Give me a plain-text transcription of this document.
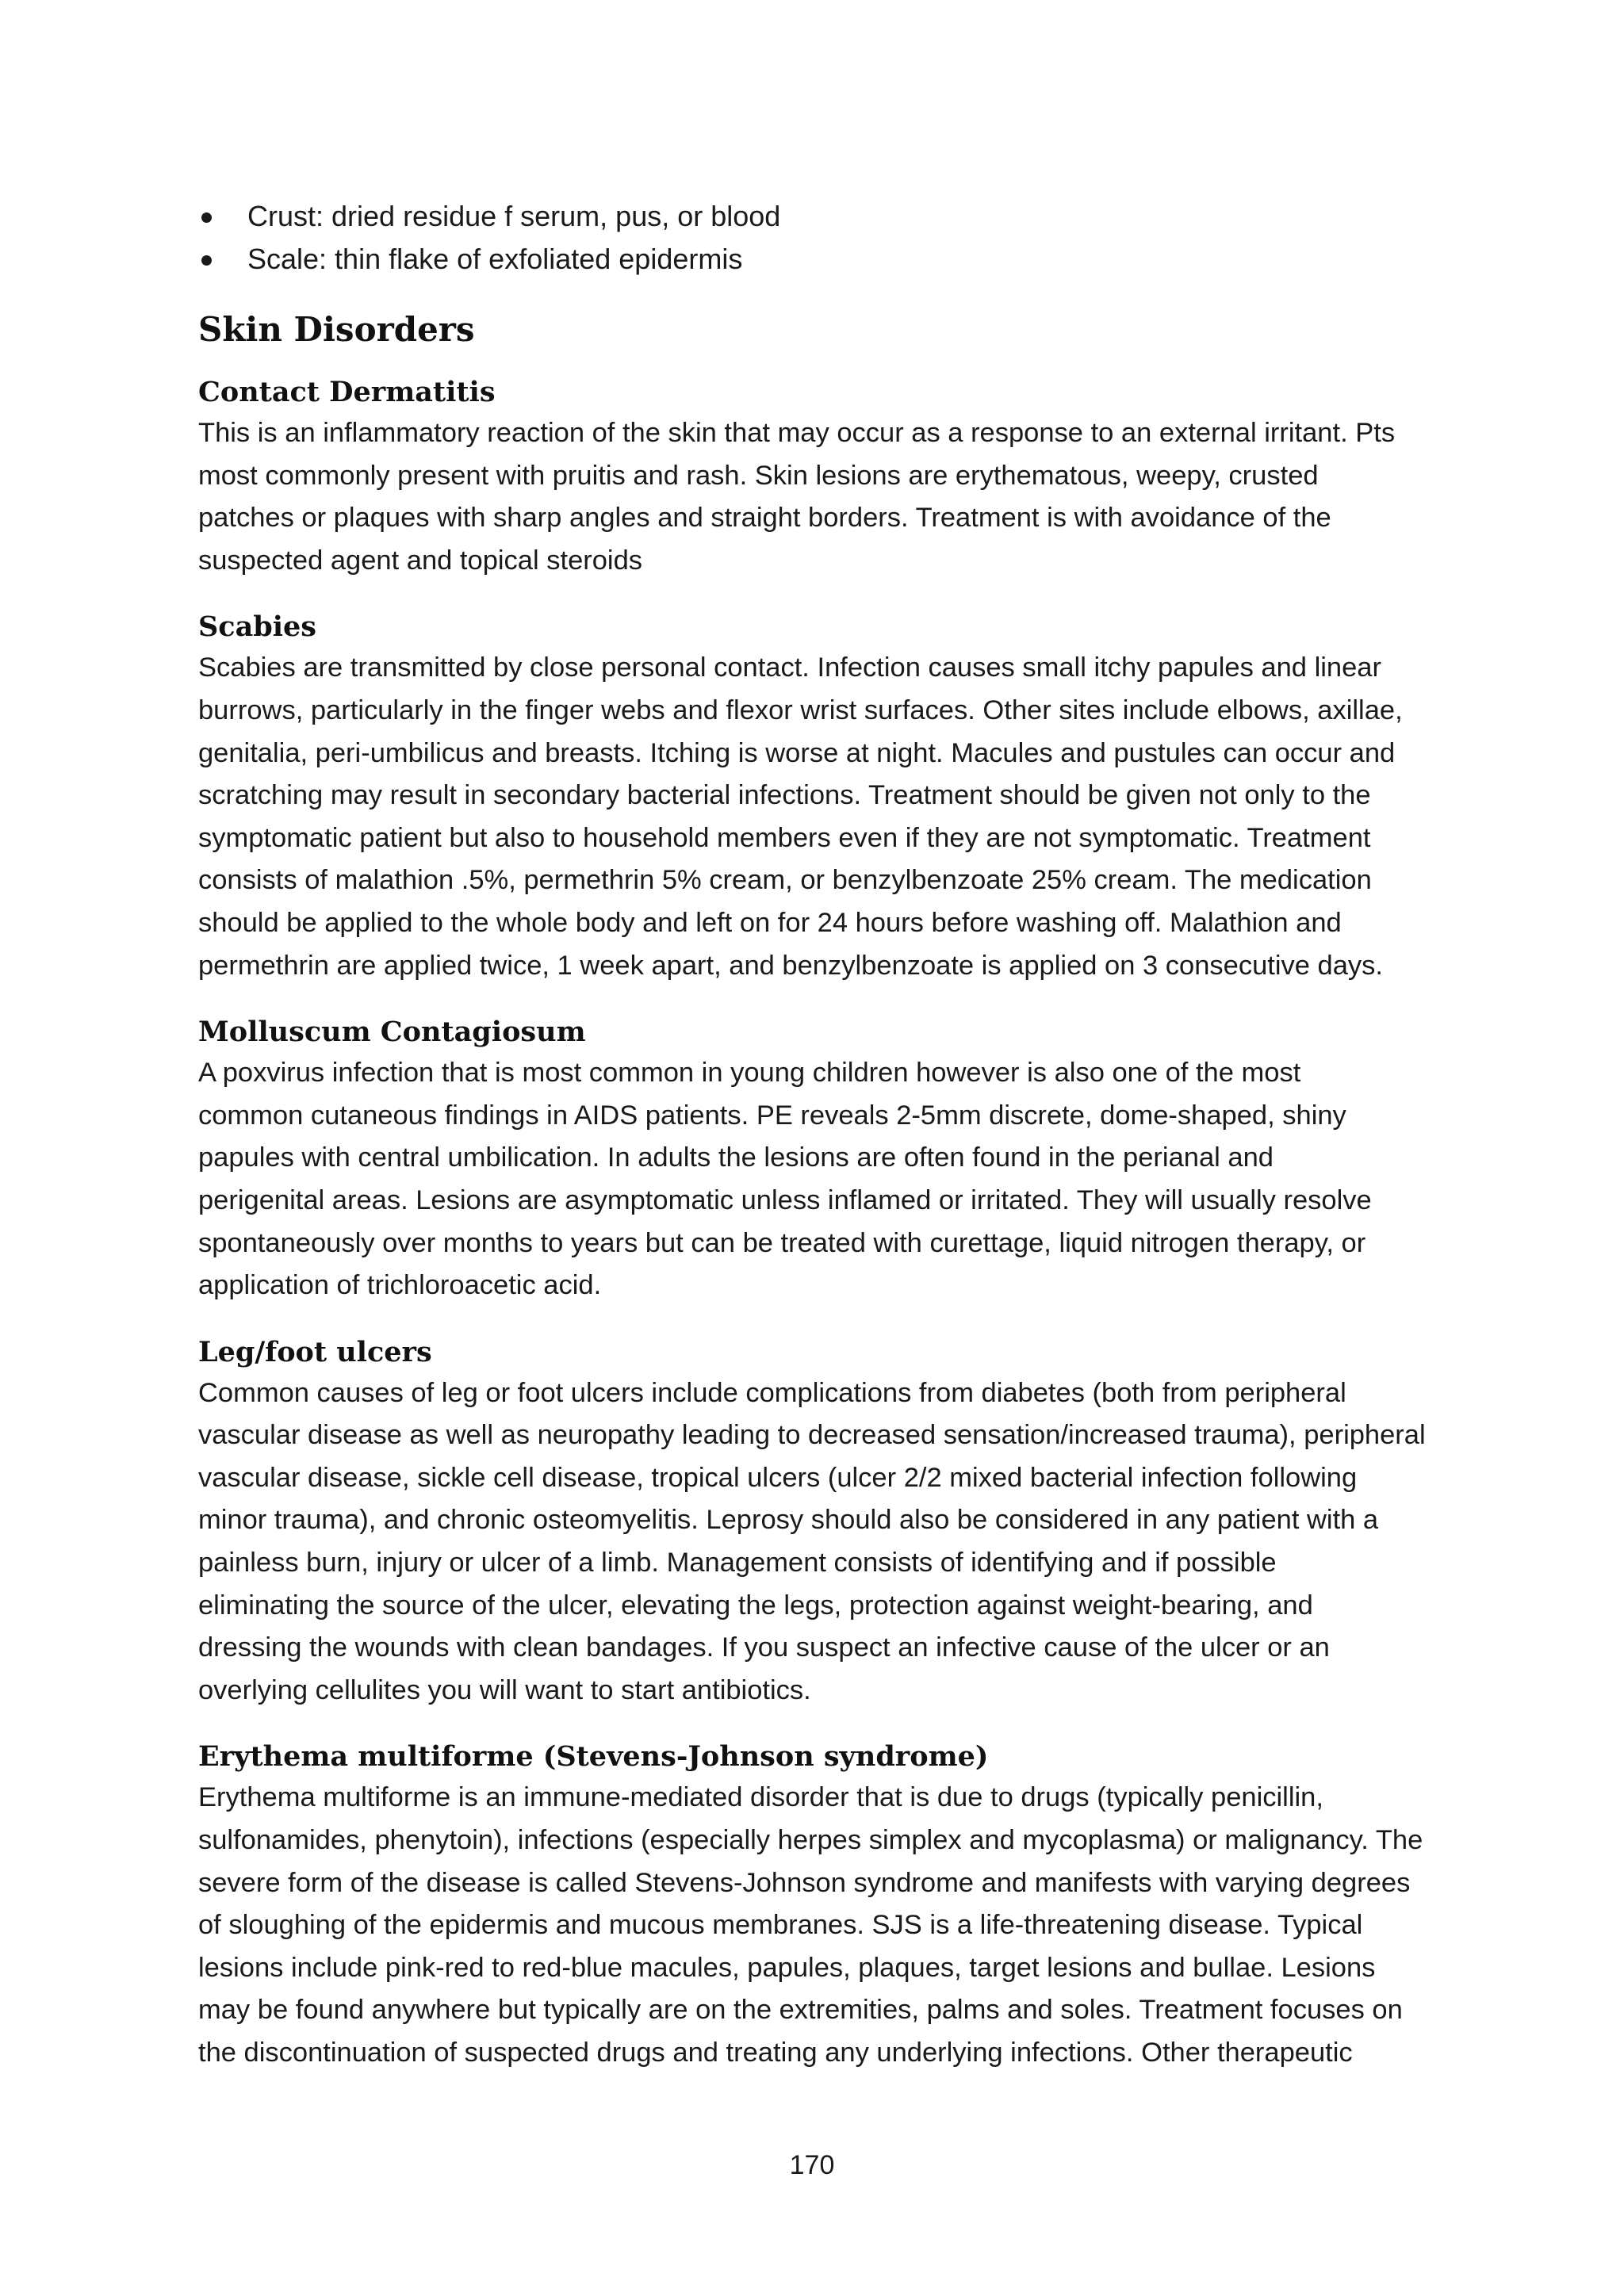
Crust: dried residue f serum, pus, or blood
Scale: thin flake of exfoliated epidermis
Skin Disorders
Contact Dermatitis

This is an inflammatory reaction of the skin that may occur as a response to an external irritant. Pts
most commonly present with pruitis and rash. Skin lesions are erythematous, weepy, crusted
patches or plaques with sharp angles and straight borders. Treatment is with avoidance of the
suspected agent and topical steroids

Scabies

Scabies are transmitted by close personal contact. Infection causes small itchy papules and linear
burrows, particularly in the finger webs and flexor wrist surfaces. Other sites include elbows, axillae,
genitalia, peri-umbilicus and breasts. Itching is worse at night. Macules and pustules can occur and
scratching may result in secondary bacterial infections. Treatment should be given not only to the
symptomatic patient but also to household members even if they are not symptomatic. Treatment
consists of malathion .5%, permethrin 5% cream, or benzylbenzoate 25% cream. The medication
should be applied to the whole body and left on for 24 hours before washing off. Malathion and
permethrin are applied twice, 1 week apart, and benzylbenzoate is applied on 3 consecutive days.

Molluscum Contagiosum

A poxvirus infection that is most common in young children however is also one of the most
common cutaneous findings in AIDS patients. PE reveals 2-5mm discrete, dome-shaped, shiny
papules with central umbilication. In adults the lesions are often found in the perianal and
perigenital areas. Lesions are asymptomatic unless inflamed or irritated. They will usually resolve
spontaneously over months to years but can be treated with curettage, liquid nitrogen therapy, or
application of trichloroacetic acid.

Leg/foot ulcers

Common causes of leg or foot ulcers include complications from diabetes (both from peripheral
vascular disease as well as neuropathy leading to decreased sensation/increased trauma), peripheral
vascular disease, sickle cell disease, tropical ulcers (ulcer 2/2 mixed bacterial infection following
minor trauma), and chronic osteomyelitis. Leprosy should also be considered in any patient with a
painless burn, injury or ulcer of a limb. Management consists of identifying and if possible
eliminating the source of the ulcer, elevating the legs, protection against weight-bearing, and
dressing the wounds with clean bandages. If you suspect an infective cause of the ulcer or an
overlying cellulites you will want to start antibiotics.

Erythema multiforme (Stevens-Johnson syndrome)

Erythema multiforme is an immune-mediated disorder that is due to drugs (typically penicillin,
sulfonamides, phenytoin), infections (especially herpes simplex and mycoplasma) or malignancy. The
severe form of the disease is called Stevens-Johnson syndrome and manifests with varying degrees
of sloughing of the epidermis and mucous membranes. SJS is a life-threatening disease. Typical
lesions include pink-red to red-blue macules, papules, plaques, target lesions and bullae. Lesions
may be found anywhere but typically are on the extremities, palms and soles. Treatment focuses on
the discontinuation of suspected drugs and treating any underlying infections. Other therapeutic

170
